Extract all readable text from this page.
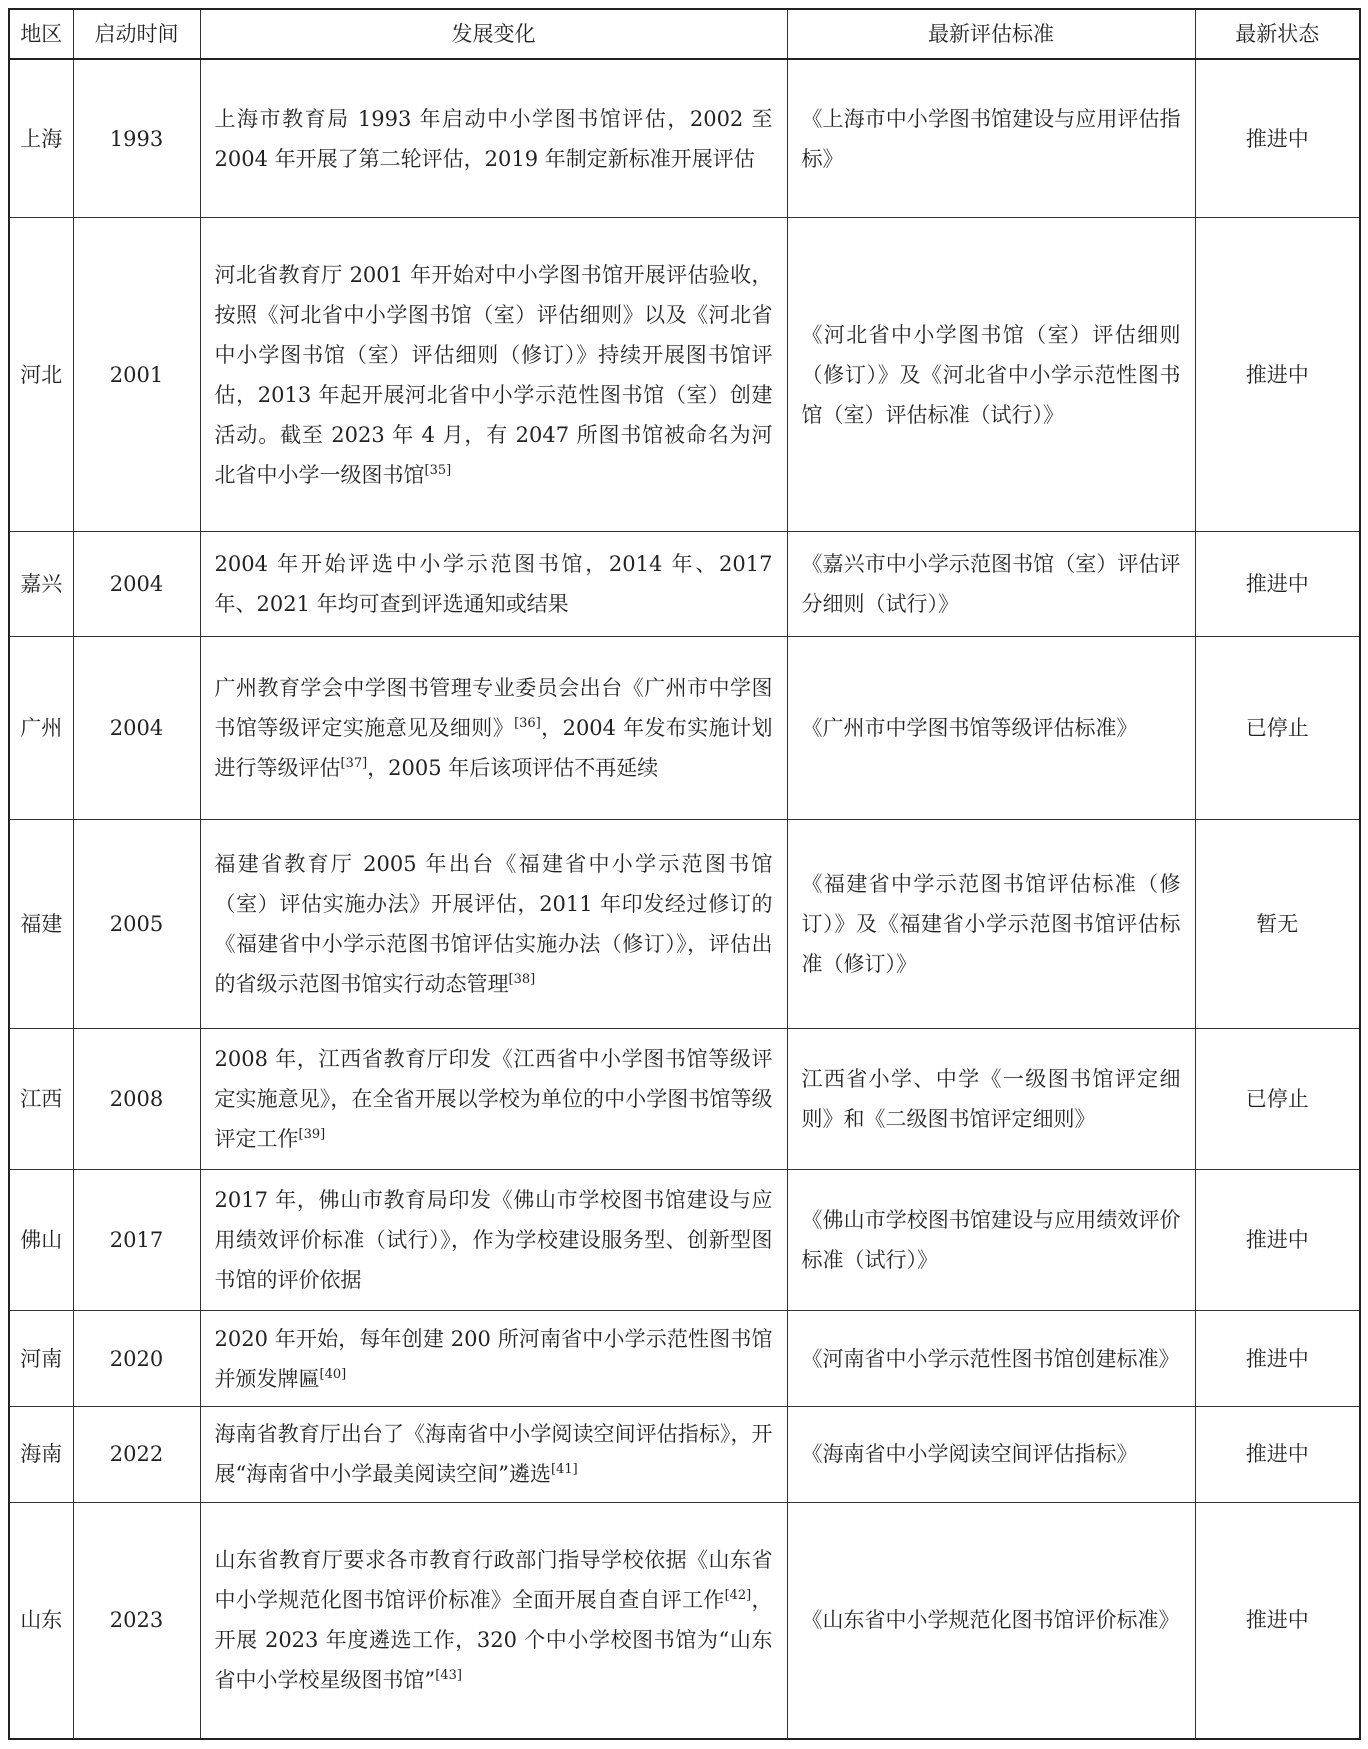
地区	启动时间	发展变化	最新评估标准	最新状态
上海	1993	上海市教育局 1993 年启动中小学图书馆评估，2002 至 2004 年开展了第二轮评估，2019 年制定新标准开展评估	《上海市中小学图书馆建设与应用评估指标》	推进中
河北	2001	河北省教育厅 2001 年开始对中小学图书馆开展评估验收，按照《河北省中小学图书馆（室）评估细则》以及《河北省中小学图书馆（室）评估细则（修订）》持续开展图书馆评估，2013 年起开展河北省中小学示范性图书馆（室）创建活动。截至 2023 年 4 月，有 2047 所图书馆被命名为河北省中小学一级图书馆[35]	《河北省中小学图书馆（室）评估细则（修订）》及《河北省中小学示范性图书馆（室）评估标准（试行）》	推进中
嘉兴	2004	2004 年开始评选中小学示范图书馆，2014 年、2017 年、2021 年均可查到评选通知或结果	《嘉兴市中小学示范图书馆（室）评估评分细则（试行）》	推进中
广州	2004	广州教育学会中学图书管理专业委员会出台《广州市中学图书馆等级评定实施意见及细则》[36]，2004 年发布实施计划进行等级评估[37]，2005 年后该项评估不再延续	《广州市中学图书馆等级评估标准》	已停止
福建	2005	福建省教育厅 2005 年出台《福建省中小学示范图书馆（室）评估实施办法》开展评估，2011 年印发经过修订的《福建省中小学示范图书馆评估实施办法（修订）》，评估出的省级示范图书馆实行动态管理[38]	《福建省中学示范图书馆评估标准（修订）》及《福建省小学示范图书馆评估标准（修订）》	暂无
江西	2008	2008 年，江西省教育厅印发《江西省中小学图书馆等级评定实施意见》，在全省开展以学校为单位的中小学图书馆等级评定工作[39]	江西省小学、中学《一级图书馆评定细则》和《二级图书馆评定细则》	已停止
佛山	2017	2017 年，佛山市教育局印发《佛山市学校图书馆建设与应用绩效评价标准（试行）》，作为学校建设服务型、创新型图书馆的评价依据	《佛山市学校图书馆建设与应用绩效评价标准（试行）》	推进中
河南	2020	2020 年开始，每年创建 200 所河南省中小学示范性图书馆并颁发牌匾[40]	《河南省中小学示范性图书馆创建标准》	推进中
海南	2022	海南省教育厅出台了《海南省中小学阅读空间评估指标》，开展“海南省中小学最美阅读空间”遴选[41]	《海南省中小学阅读空间评估指标》	推进中
山东	2023	山东省教育厅要求各市教育行政部门指导学校依据《山东省中小学规范化图书馆评价标准》全面开展自查自评工作[42]，开展 2023 年度遴选工作，320 个中小学校图书馆为“山东省中小学校星级图书馆”[43]	《山东省中小学规范化图书馆评价标准》	推进中
